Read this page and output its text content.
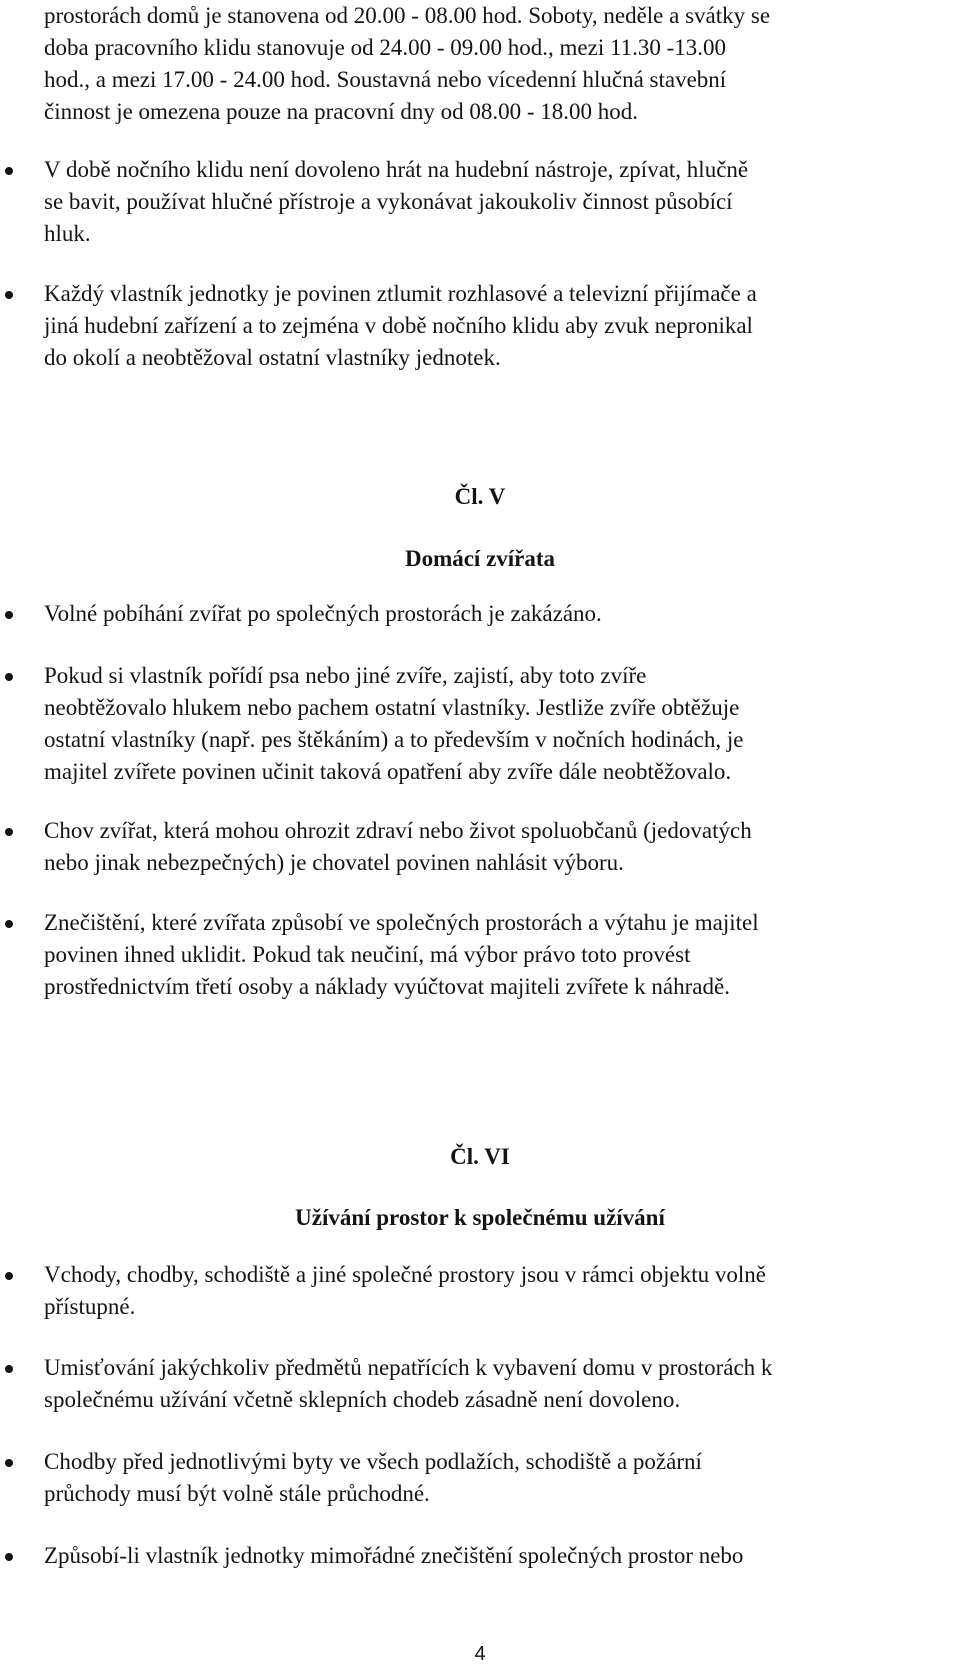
prostorách domů je stanovena od 20.00 - 08.00 hod. Soboty, neděle a svátky se
doba pracovního klidu stanovuje od 24.00 - 09.00 hod., mezi 11.30 -13.00
hod., a mezi 17.00 - 24.00 hod. Soustavná nebo vícedenní hlučná stavební
činnost je omezena pouze na pracovní dny od 08.00 - 18.00 hod.

V době nočního klidu není dovoleno hrát na hudební nástroje, zpívat, hlučně
se bavit, používat hlučné přístroje a vykonávat jakoukoliv činnost působící
hluk.

Každý vlastník jednotky je povinen ztlumit rozhlasové a televizní přijímače a
jiná hudební zařízení a to zejména v době nočního klidu aby zvuk nepronikal
do okolí a neobtěžoval ostatní vlastníky jednotek.

Čl. V

Domácí zvířata

Volné pobíhání zvířat po společných prostorách je zakázáno.

Pokud si vlastník pořídí psa nebo jiné zvíře, zajistí, aby toto zvíře
neobtěžovalo hlukem nebo pachem ostatní vlastníky. Jestliže zvíře obtěžuje
ostatní vlastníky (např. pes štěkáním) a to především v nočních hodinách, je
majitel zvířete povinen učinit taková opatření aby zvíře dále neobtěžovalo.

Chov zvířat, která mohou ohrozit zdraví nebo život spoluobčanů (jedovatých
nebo jinak nebezpečných) je chovatel povinen nahlásit výboru.

Znečištění, které zvířata způsobí ve společných prostorách a výtahu je majitel
povinen ihned uklidit. Pokud tak neučiní, má výbor právo toto provést
prostřednictvím třetí osoby a náklady vyúčtovat majiteli zvířete k náhradě.

Čl. VI

Užívání prostor k společnému užívání

Vchody, chodby, schodiště a jiné společné prostory jsou v rámci objektu volně
přístupné.

Umisťování jakýchkoliv předmětů nepatřících k vybavení domu v prostorách k
společnému užívání včetně sklepních chodeb zásadně není dovoleno.

Chodby před jednotlivými byty ve všech podlažích, schodiště a požární
průchody musí být volně stále průchodné.

Způsobí-li vlastník jednotky mimořádné znečištění společných prostor nebo

4
